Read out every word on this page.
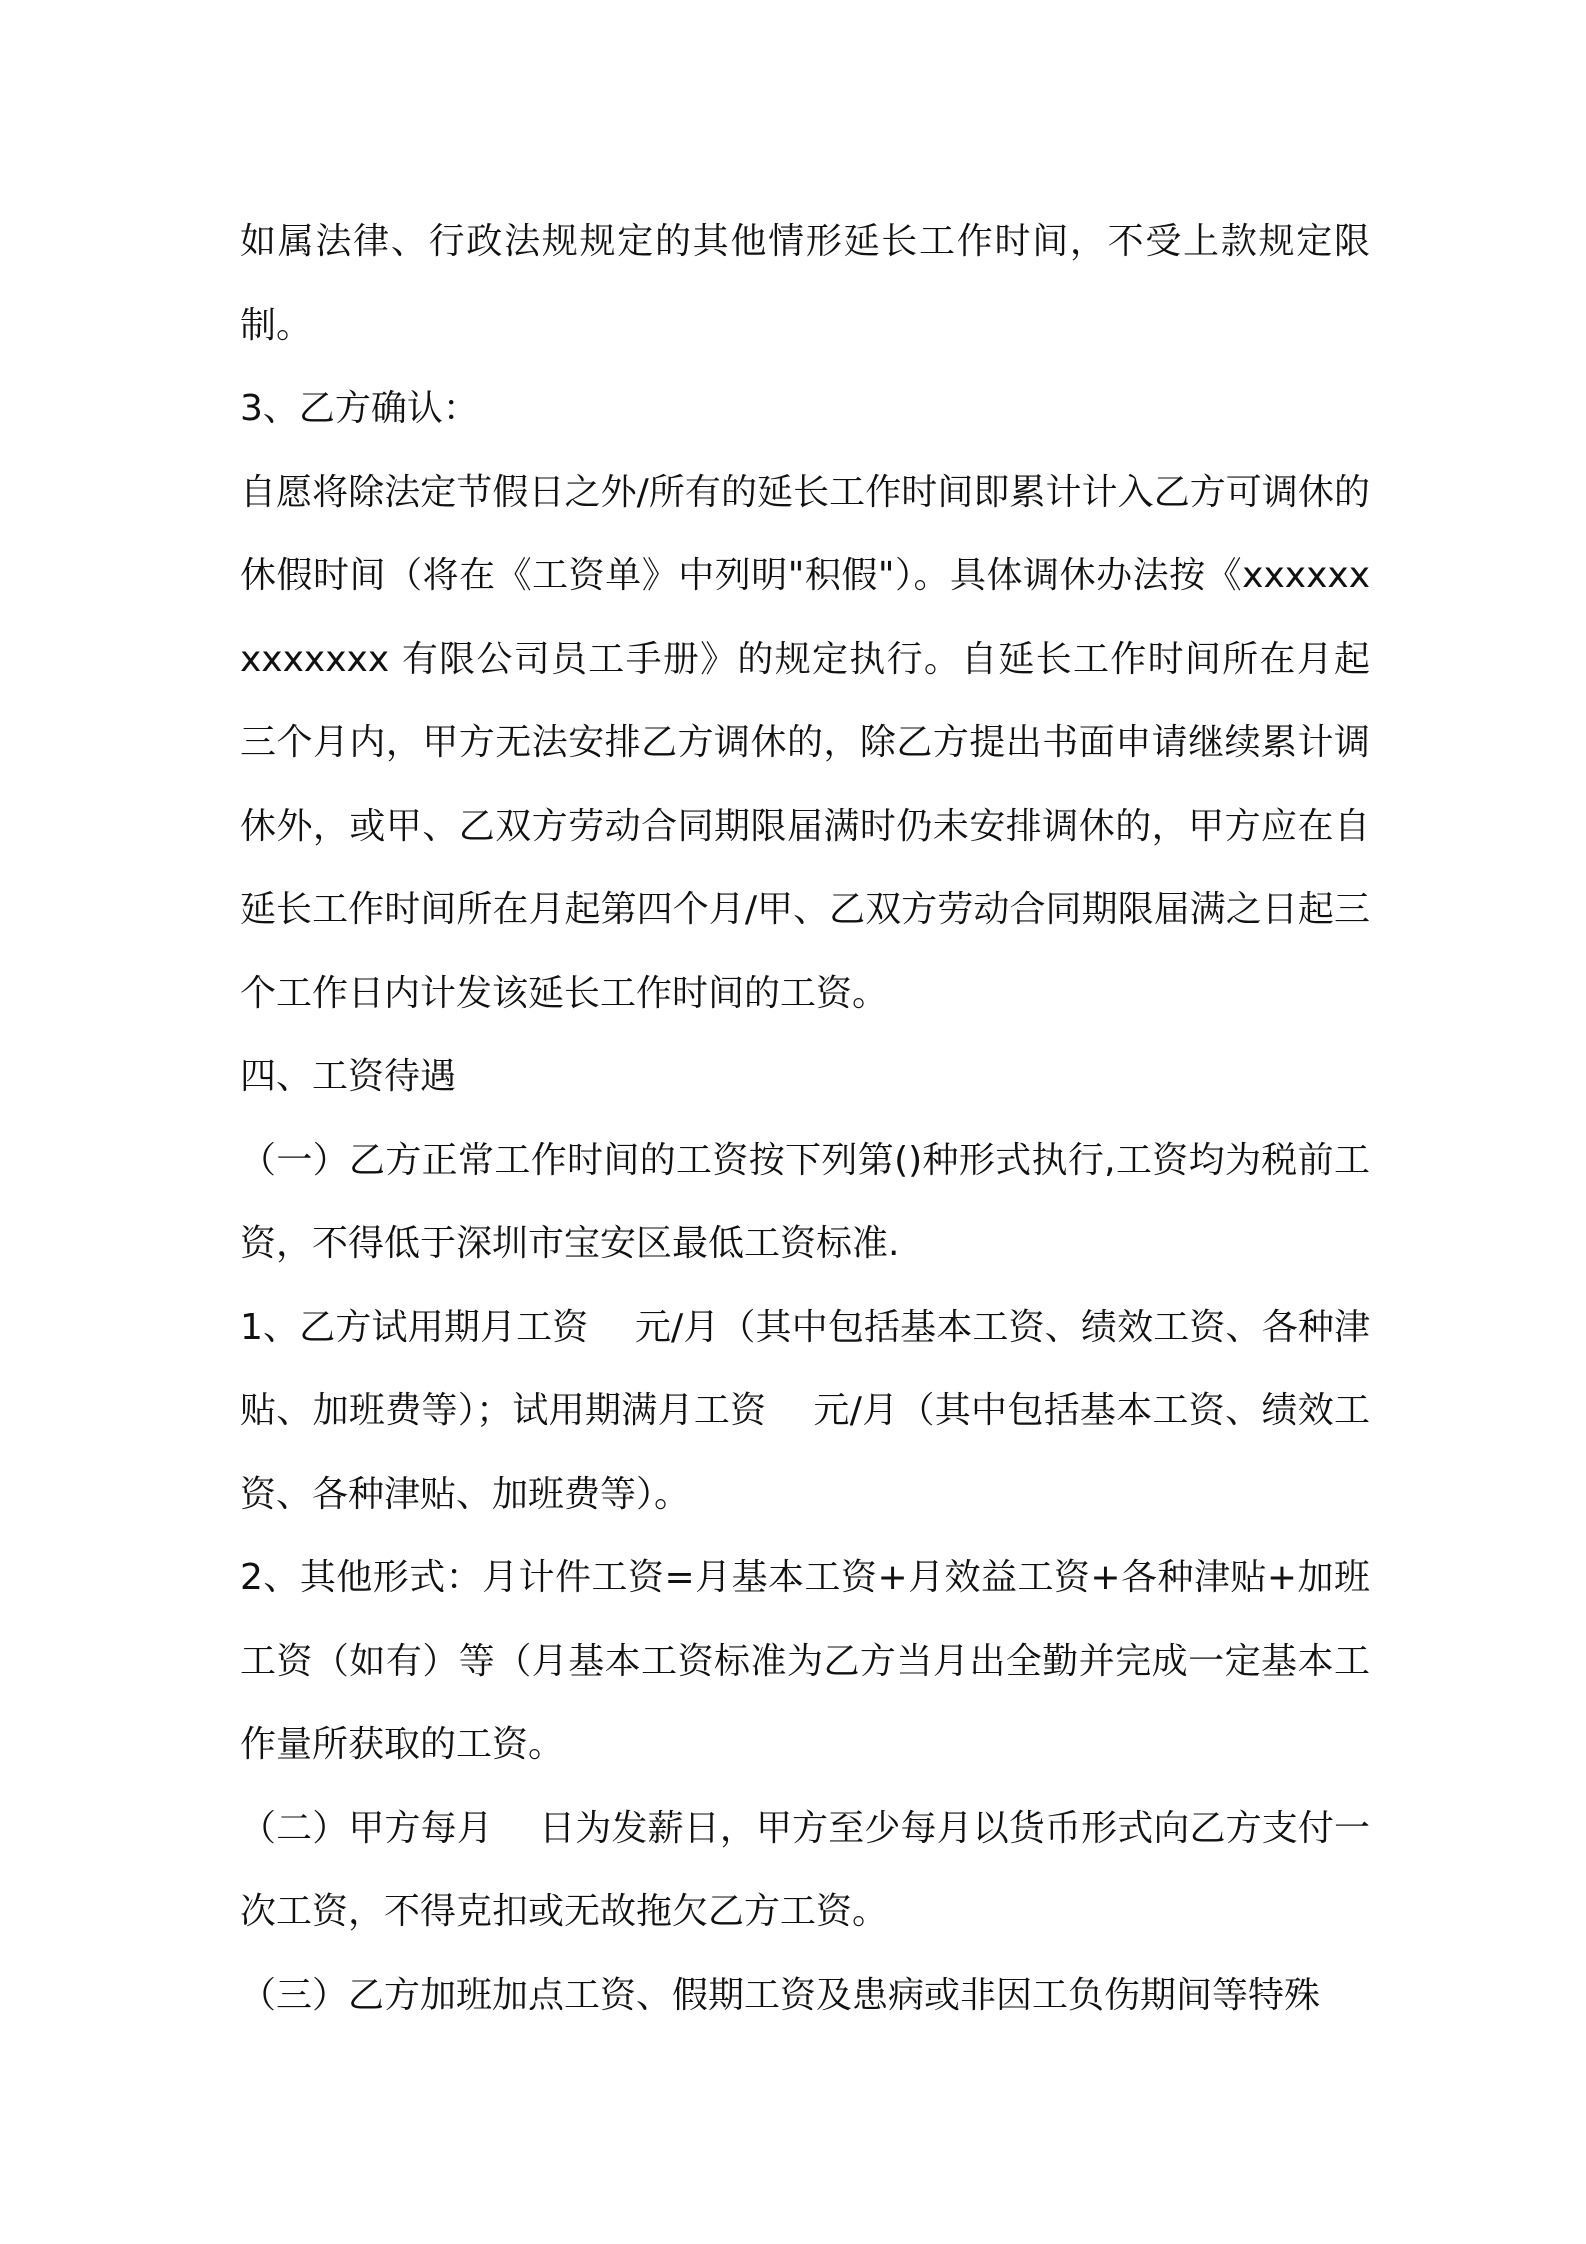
如属法律、行政法规规定的其他情形延长工作时间，不受上款规定限制。

3、乙方确认：

自愿将除法定节假日之外/所有的延长工作时间即累计计入乙方可调休的休假时间（将在《工资单》中列明"积假"）。具体调休办法按《xxxxxxxxxxxxx 有限公司员工手册》的规定执行。自延长工作时间所在月起三个月内，甲方无法安排乙方调休的，除乙方提出书面申请继续累计调休外，或甲、乙双方劳动合同期限届满时仍未安排调休的，甲方应在自延长工作时间所在月起第四个月/甲、乙双方劳动合同期限届满之日起三个工作日内计发该延长工作时间的工资。

四、工资待遇

（一）乙方正常工作时间的工资按下列第()种形式执行,工资均为税前工资，不得低于深圳市宝安区最低工资标准.

1、乙方试用期月工资    元/月（其中包括基本工资、绩效工资、各种津贴、加班费等）；试用期满月工资    元/月（其中包括基本工资、绩效工资、各种津贴、加班费等）。

2、其他形式：月计件工资=月基本工资+月效益工资+各种津贴+加班工资（如有）等（月基本工资标准为乙方当月出全勤并完成一定基本工作量所获取的工资。

（二）甲方每月    日为发薪日，甲方至少每月以货币形式向乙方支付一次工资，不得克扣或无故拖欠乙方工资。

（三）乙方加班加点工资、假期工资及患病或非因工负伤期间等特殊
